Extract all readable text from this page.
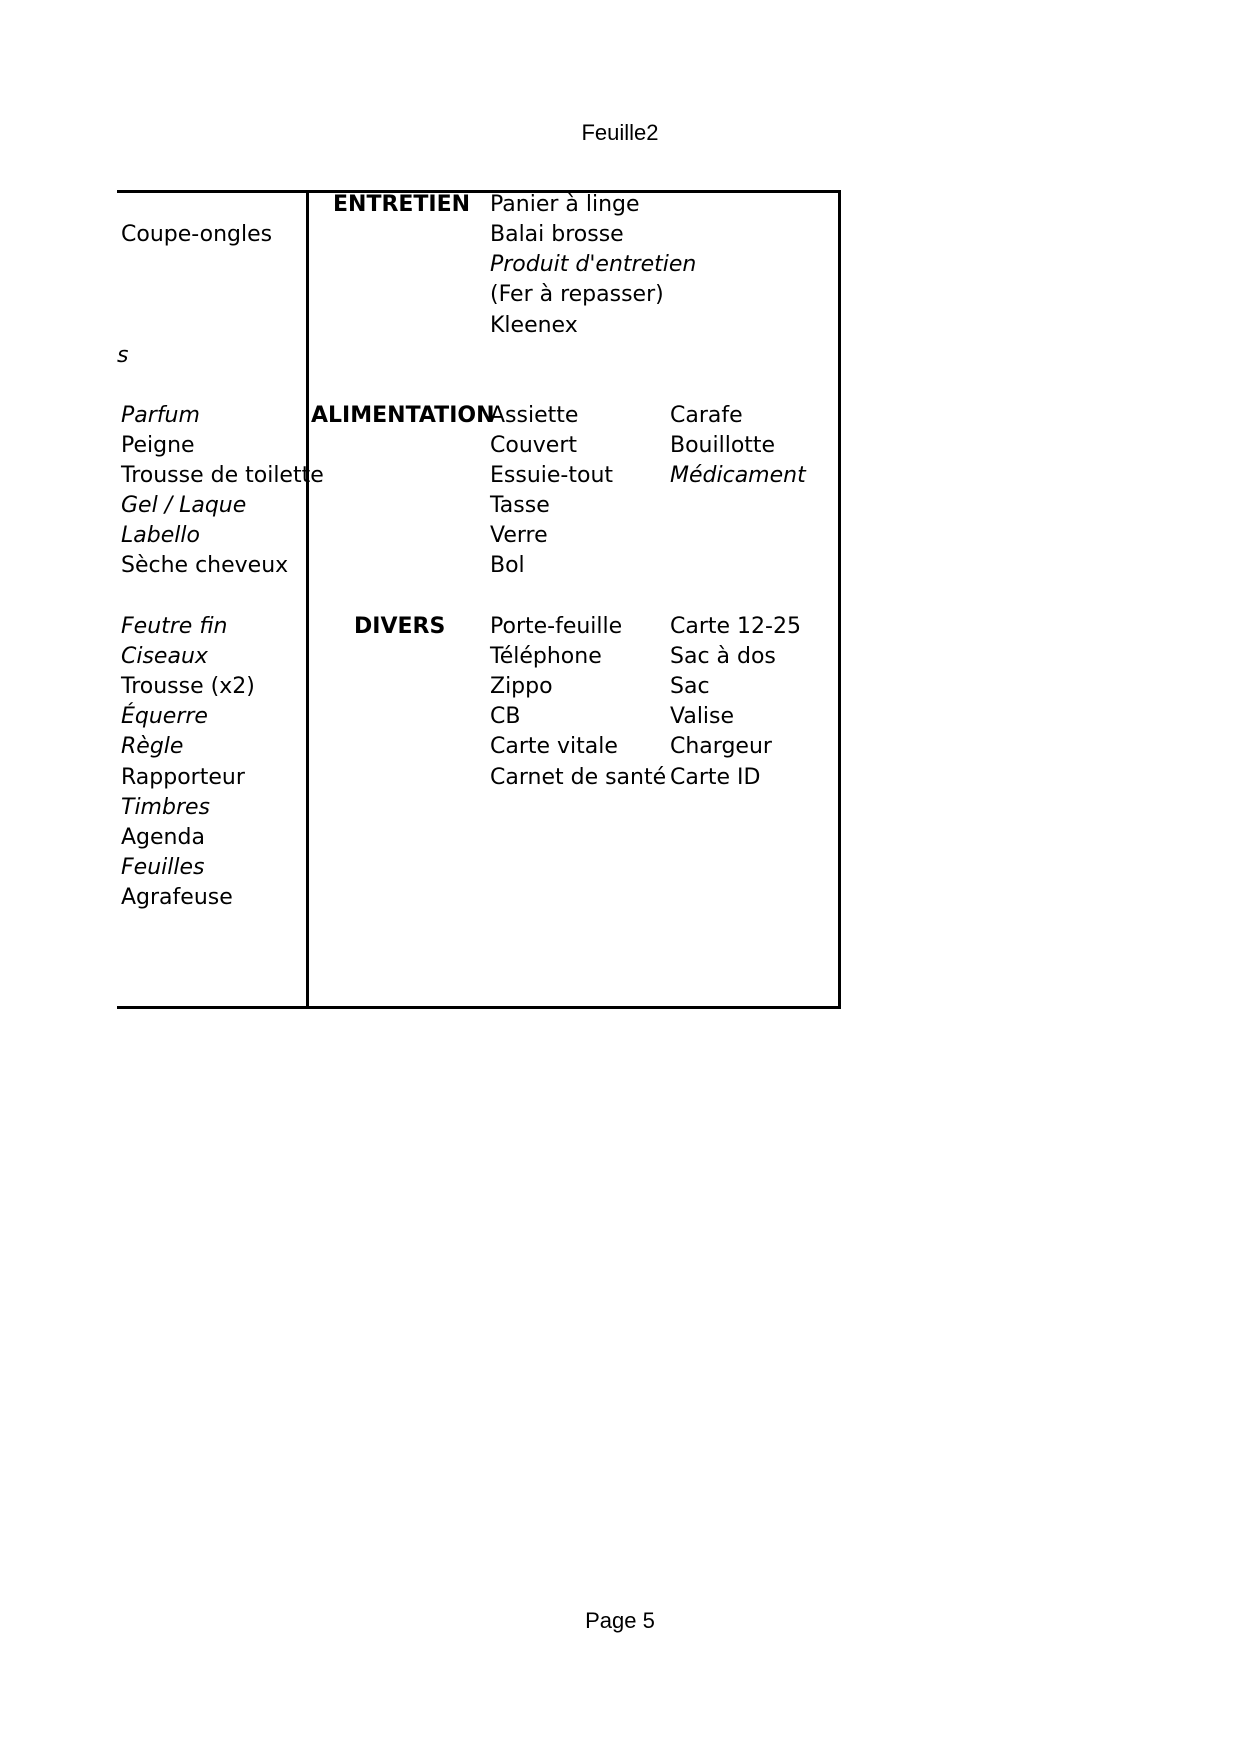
Feuille2
Coupe-ongles
s
Parfum
Peigne
Trousse de toilette
Gel / Laque
Labello
Sèche cheveux
Feutre fin
Ciseaux
Trousse (x2)
Équerre
Règle
Rapporteur
Timbres
Agenda
Feuilles
Agrafeuse
ENTRETIEN
ALIMENTATION
DIVERS
Panier à linge
Balai brosse
Produit d'entretien
(Fer à repasser)
Kleenex
Assiette
Couvert
Essuie-tout
Tasse
Verre
Bol
Carafe
Bouillotte
Médicament
Porte-feuille
Téléphone
Zippo
CB
Carte vitale
Carnet de santé
Carte 12-25
Sac à dos
Sac
Valise
Chargeur
Carte ID
Page 5
